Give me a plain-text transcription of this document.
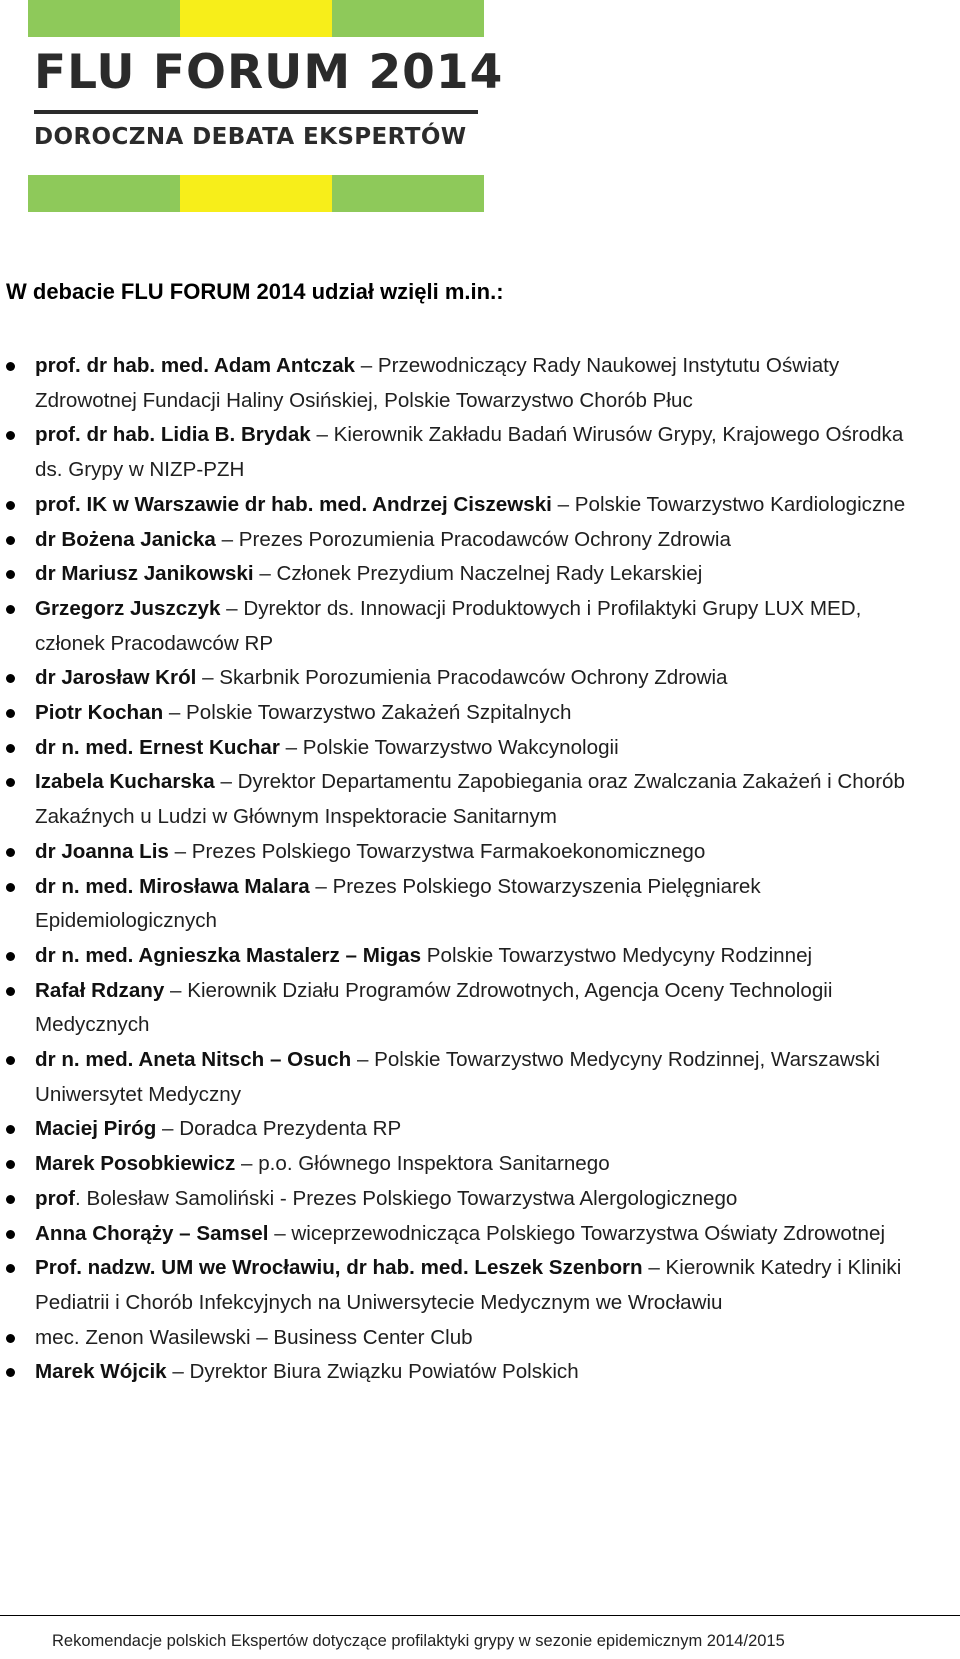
FLU FORUM 2014
DOROCZNA DEBATA EKSPERTÓW
W debacie FLU FORUM 2014 udział wzięli m.in.:
prof. dr hab. med. Adam Antczak – Przewodniczący Rady Naukowej Instytutu Oświaty Zdrowotnej Fundacji Haliny Osińskiej, Polskie Towarzystwo Chorób Płuc
prof. dr hab. Lidia B. Brydak – Kierownik Zakładu Badań Wirusów Grypy, Krajowego Ośrodka ds. Grypy w NIZP-PZH
prof. IK w Warszawie dr hab. med. Andrzej Ciszewski – Polskie Towarzystwo Kardiologiczne
dr Bożena Janicka – Prezes Porozumienia Pracodawców Ochrony Zdrowia
dr Mariusz Janikowski – Członek Prezydium Naczelnej Rady Lekarskiej
Grzegorz Juszczyk – Dyrektor ds. Innowacji Produktowych i Profilaktyki Grupy LUX MED, członek Pracodawców RP
dr Jarosław Król – Skarbnik Porozumienia Pracodawców Ochrony Zdrowia
Piotr Kochan – Polskie Towarzystwo Zakażeń Szpitalnych
dr n. med. Ernest Kuchar – Polskie Towarzystwo Wakcynologii
Izabela Kucharska – Dyrektor Departamentu Zapobiegania oraz Zwalczania Zakażeń i Chorób Zakaźnych u Ludzi w Głównym Inspektoracie Sanitarnym
dr Joanna Lis – Prezes Polskiego Towarzystwa Farmakoekonomicznego
dr n. med. Mirosława Malara – Prezes Polskiego Stowarzyszenia Pielęgniarek Epidemiologicznych
dr n. med. Agnieszka Mastalerz – Migas Polskie Towarzystwo Medycyny Rodzinnej
Rafał Rdzany – Kierownik Działu Programów Zdrowotnych, Agencja Oceny Technologii Medycznych
dr n. med. Aneta Nitsch – Osuch – Polskie Towarzystwo Medycyny Rodzinnej, Warszawski Uniwersytet Medyczny
Maciej Piróg – Doradca Prezydenta RP
Marek Posobkiewicz – p.o. Głównego Inspektora Sanitarnego
prof. Bolesław Samoliński - Prezes Polskiego Towarzystwa Alergologicznego
Anna Chorąży – Samsel – wiceprzewodnicząca Polskiego Towarzystwa Oświaty Zdrowotnej
Prof. nadzw. UM we Wrocławiu, dr hab. med. Leszek Szenborn – Kierownik Katedry i Kliniki Pediatrii i Chorób Infekcyjnych na Uniwersytecie Medycznym we Wrocławiu
mec. Zenon Wasilewski – Business Center Club
Marek Wójcik – Dyrektor Biura Związku Powiatów Polskich
Rekomendacje polskich Ekspertów dotyczące profilaktyki grypy w sezonie epidemicznym 2014/2015
